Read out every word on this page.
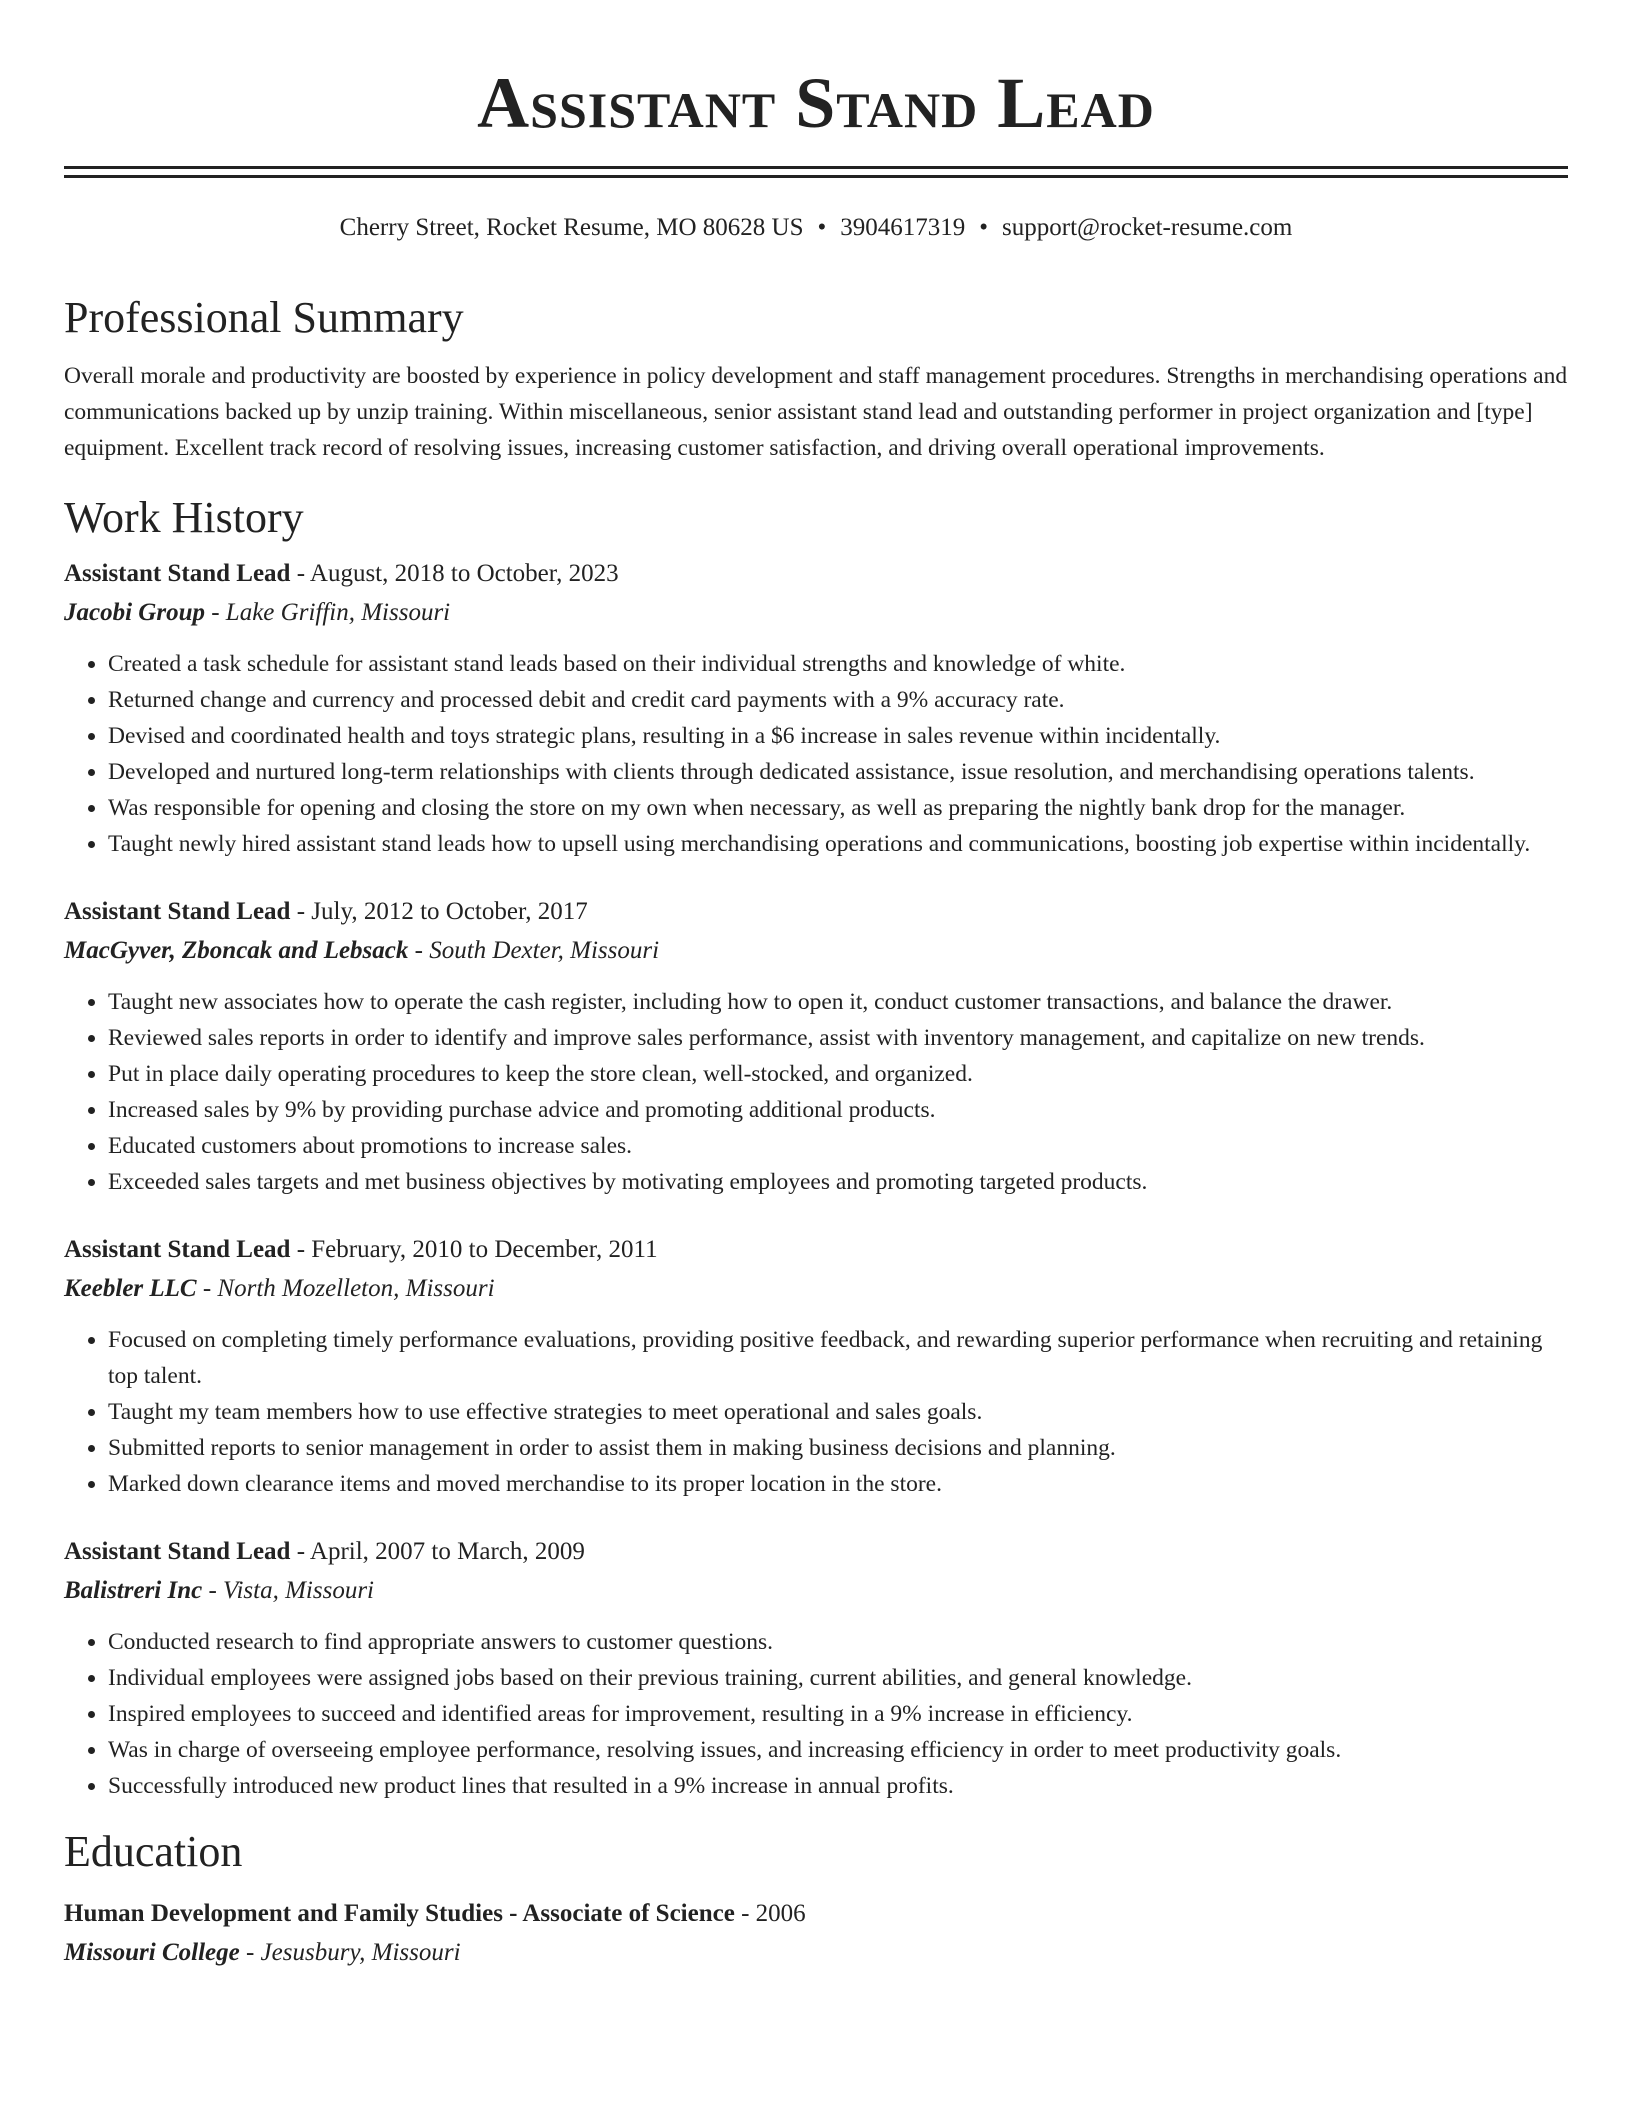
Assistant Stand Lead
Cherry Street, Rocket Resume, MO 80628 US • 3904617319 • support@rocket-resume.com
Professional Summary

Overall morale and productivity are boosted by experience in policy development and staff management procedures. Strengths in merchandising operations and communications backed up by unzip training. Within miscellaneous, senior assistant stand lead and outstanding performer in project organization and [type] equipment. Excellent track record of resolving issues, increasing customer satisfaction, and driving overall operational improvements.

Work History
Assistant Stand Lead - August, 2018 to October, 2023
Jacobi Group - Lake Griffin, Missouri
• Created a task schedule for assistant stand leads based on their individual strengths and knowledge of white.
• Returned change and currency and processed debit and credit card payments with a 9% accuracy rate.
• Devised and coordinated health and toys strategic plans, resulting in a $6 increase in sales revenue within incidentally.
• Developed and nurtured long-term relationships with clients through dedicated assistance, issue resolution, and merchandising operations talents.
• Was responsible for opening and closing the store on my own when necessary, as well as preparing the nightly bank drop for the manager.
• Taught newly hired assistant stand leads how to upsell using merchandising operations and communications, boosting job expertise within incidentally.
Assistant Stand Lead - July, 2012 to October, 2017
MacGyver, Zboncak and Lebsack - South Dexter, Missouri
• Taught new associates how to operate the cash register, including how to open it, conduct customer transactions, and balance the drawer.
• Reviewed sales reports in order to identify and improve sales performance, assist with inventory management, and capitalize on new trends.
• Put in place daily operating procedures to keep the store clean, well-stocked, and organized.
• Increased sales by 9% by providing purchase advice and promoting additional products.
• Educated customers about promotions to increase sales.
• Exceeded sales targets and met business objectives by motivating employees and promoting targeted products.
Assistant Stand Lead - February, 2010 to December, 2011
Keebler LLC - North Mozelleton, Missouri
• Focused on completing timely performance evaluations, providing positive feedback, and rewarding superior performance when recruiting and retaining top talent.
• Taught my team members how to use effective strategies to meet operational and sales goals.
• Submitted reports to senior management in order to assist them in making business decisions and planning.
• Marked down clearance items and moved merchandise to its proper location in the store.
Assistant Stand Lead - April, 2007 to March, 2009
Balistreri Inc - Vista, Missouri
• Conducted research to find appropriate answers to customer questions.
• Individual employees were assigned jobs based on their previous training, current abilities, and general knowledge.
• Inspired employees to succeed and identified areas for improvement, resulting in a 9% increase in efficiency.
• Was in charge of overseeing employee performance, resolving issues, and increasing efficiency in order to meet productivity goals.
• Successfully introduced new product lines that resulted in a 9% increase in annual profits.
Education
Human Development and Family Studies - Associate of Science - 2006
Missouri College - Jesusbury, Missouri
